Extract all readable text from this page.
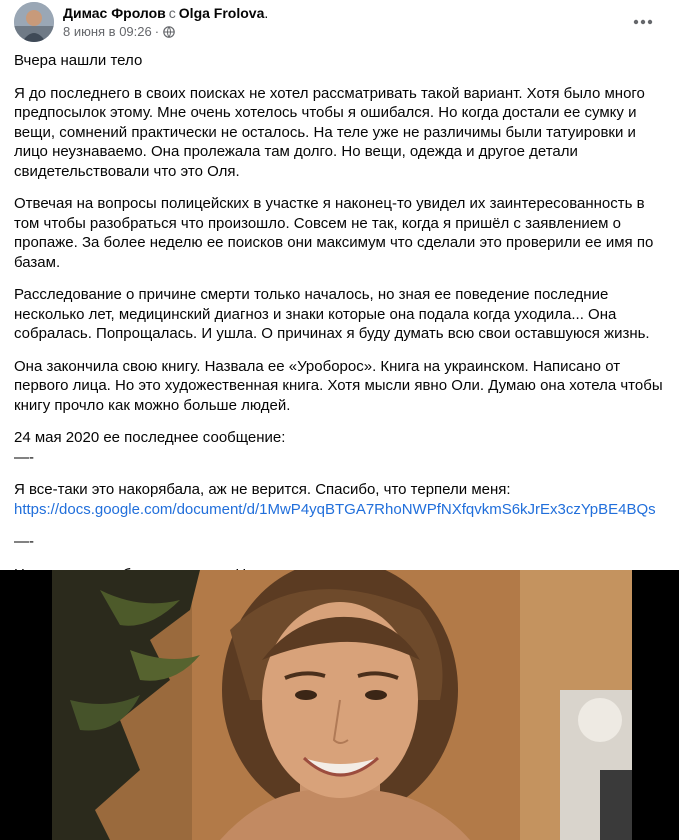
Димас Фролов с Olga Frolova.
8 июня в 09:26 ·

Вчера нашли тело

Я до последнего в своих поисках не хотел рассматривать такой вариант. Хотя было много предпосылок этому. Мне очень хотелось чтобы я ошибался. Но когда достали ее сумку и вещи, сомнений практически не осталось. На теле уже не различимы были татуировки и лицо неузнаваемо. Она пролежала там долго. Но вещи, одежда и другое детали свидетельствовали что это Оля.

Отвечая на вопросы полицейских в участке я наконец-то увидел их заинтересованность в том чтобы разобраться что произошло. Совсем не так, когда я пришёл с заявлением о пропаже. За более неделю ее поисков они максимум что сделали это проверили ее имя по базам.

Расследование о причине смерти только началось, но зная ее поведение последние несколько лет, медицинский диагноз и знаки которые она подала когда уходила... Она собралась. Попрощалась. И ушла. О причинах я буду думать всю свои оставшуюся жизнь.

Она закончила свою книгу. Назвала ее «Уроборос». Книга на украинском. Написано от первого лица. Но это художественная книга. Хотя мысли явно Оли. Думаю она хотела чтобы книгу прочло как можно больше людей.

24 мая 2020 ее последнее сообщение:

—-

Я все-таки это накорябала, аж не верится. Спасибо, что терпели меня:

https://docs.google.com/document/d/1MwP4yqBTGA7RhoNWPfNXfqvkmS6kJrEx3czYpBE4BQs

—-
